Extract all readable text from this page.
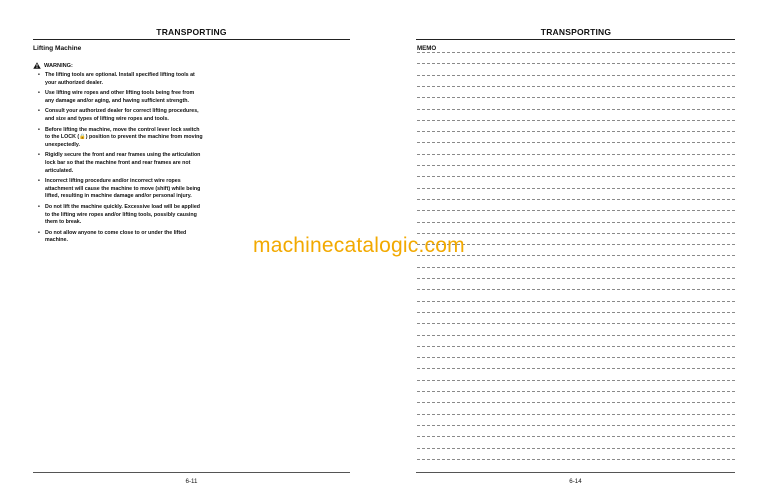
TRANSPORTING
Lifting Machine
WARNING:
• The lifting tools are optional. Install specified lifting tools at your authorized dealer.
• Use lifting wire ropes and other lifting tools being free from any damage and/or aging, and having sufficient strength.
• Consult your authorized dealer for correct lifting procedures, and size and types of lifting wire ropes and tools.
• Before lifting the machine, move the control lever lock switch to the LOCK (🔒) position to prevent the machine from moving unexpectedly.
• Rigidly secure the front and rear frames using the articulation lock bar so that the machine front and rear frames are not articulated.
• Incorrect lifting procedure and/or incorrect wire ropes attachment will cause the machine to move (shift) while being lifted, resulting in machine damage and/or personal injury.
• Do not lift the machine quickly. Excessive load will be applied to the lifting wire ropes and/or lifting tools, possibly causing them to break.
• Do not allow anyone to come close to or under the lifted machine.
6-11
TRANSPORTING
MEMO
6-14
machinecatalogic.com
